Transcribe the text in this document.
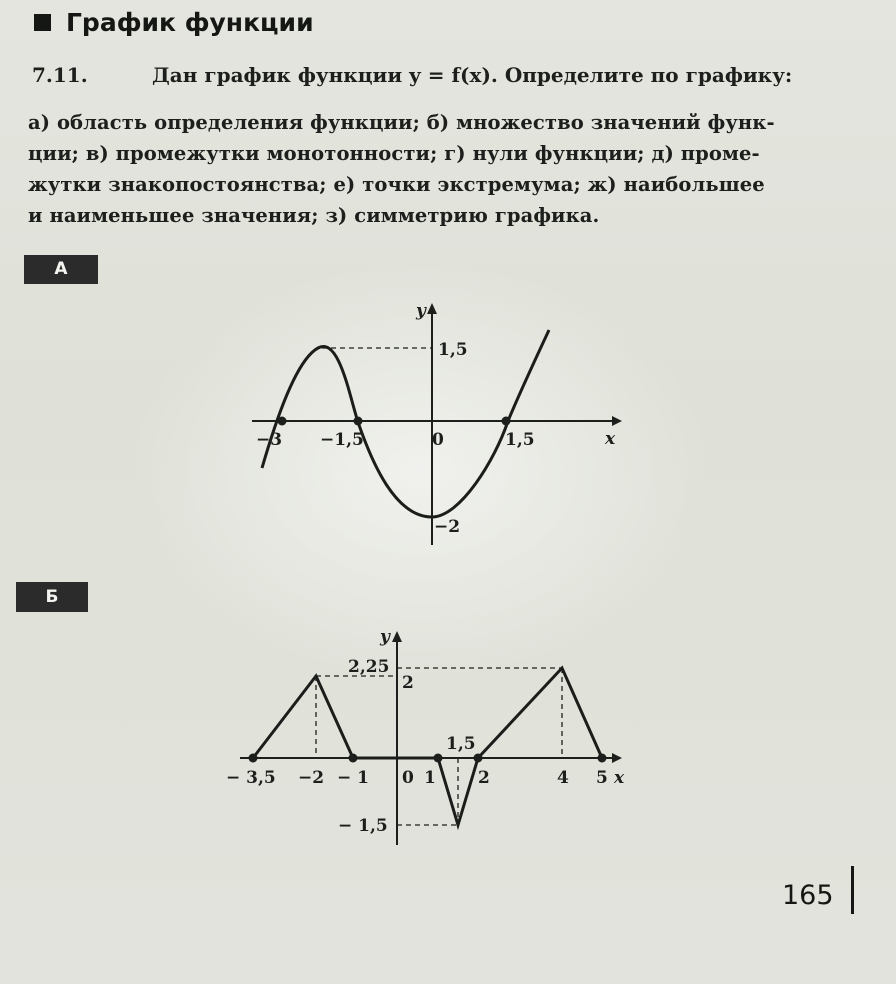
График функции
7.11.	Дан график функции y = f(x). Определите по графику:
а) область определения функции; б) множество значений функ-
ции; в) промежутки монотонности; г) нули функции; д) проме-
жутки знакопостоянства; е) точки экстремума; ж) наибольшее
и наименьшее значения; з) симметрию графика.
А
Б
y
x
1,5
−3 −1,5	0	1,5
−2
y
x
2,25
2
1,5
− 3,5 −2 − 1 0 1 2	4 5
− 1,5
165
